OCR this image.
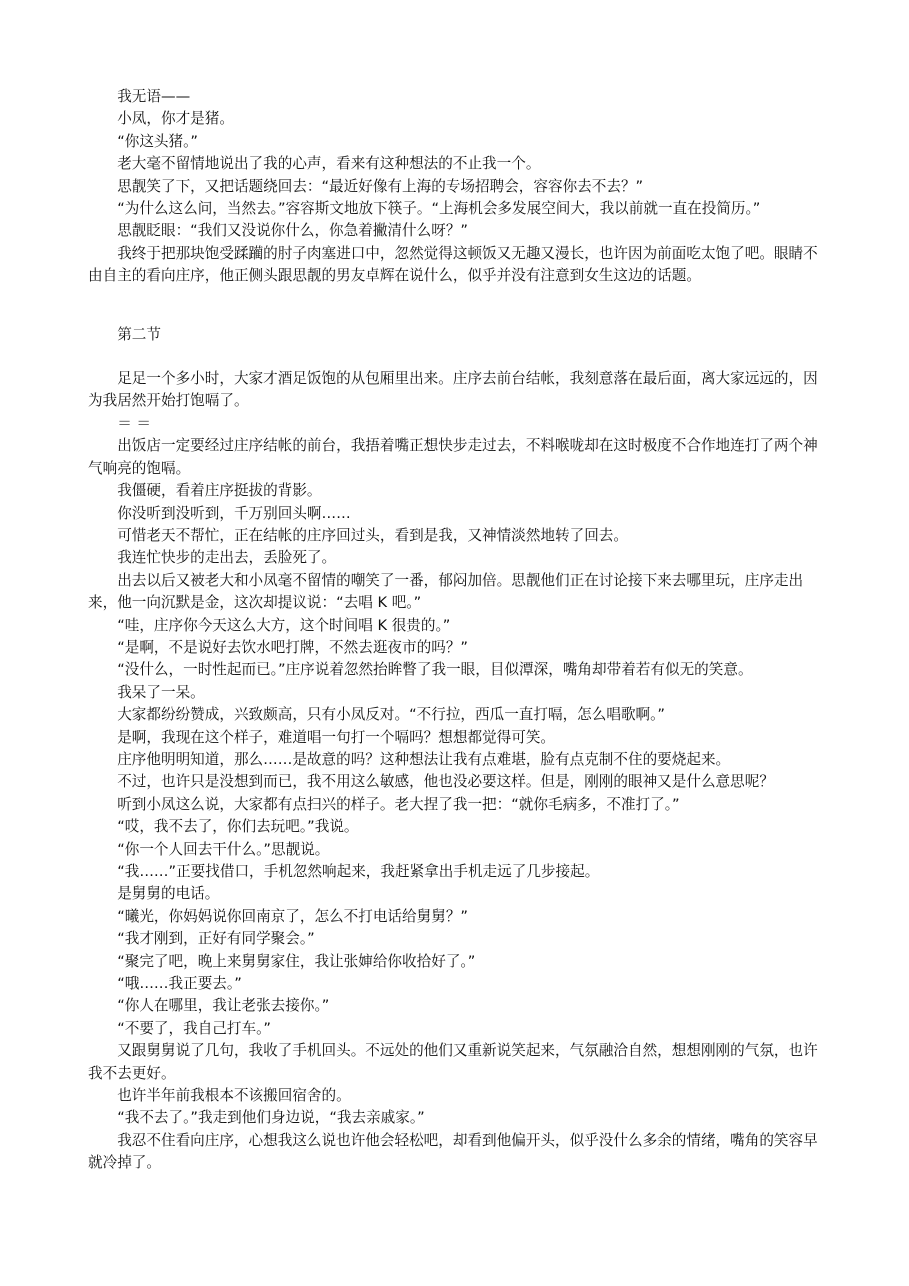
我无语——

小凤，你才是猪。

“你这头猪。”

老大毫不留情地说出了我的心声，看来有这种想法的不止我一个。

思靓笑了下，又把话题绕回去：“最近好像有上海的专场招聘会，容容你去不去？”

“为什么这么问，当然去。”容容斯文地放下筷子。“上海机会多发展空间大，我以前就一直在投简历。”

思靓眨眼：“我们又没说你什么，你急着撇清什么呀？”

我终于把那块饱受蹂躏的肘子肉塞进口中，忽然觉得这顿饭又无趣又漫长，也许因为前面吃太饱了吧。眼睛不由自主的看向庄序，他正侧头跟思靓的男友卓辉在说什么，似乎并没有注意到女生这边的话题。

第二节

足足一个多小时，大家才酒足饭饱的从包厢里出来。庄序去前台结帐，我刻意落在最后面，离大家远远的，因为我居然开始打饱嗝了。

＝ ＝

出饭店一定要经过庄序结帐的前台，我捂着嘴正想快步走过去，不料喉咙却在这时极度不合作地连打了两个神气响亮的饱嗝。

我僵硬，看着庄序挺拔的背影。

你没听到没听到，千万别回头啊……

可惜老天不帮忙，正在结帐的庄序回过头，看到是我，又神情淡然地转了回去。

我连忙快步的走出去，丢脸死了。

出去以后又被老大和小凤毫不留情的嘲笑了一番，郁闷加倍。思靓他们正在讨论接下来去哪里玩，庄序走出来，他一向沉默是金，这次却提议说：“去唱 K 吧。”

“哇，庄序你今天这么大方，这个时间唱 K 很贵的。”

“是啊，不是说好去饮水吧打牌，不然去逛夜市的吗？”

“没什么，一时性起而已。”庄序说着忽然抬眸瞥了我一眼，目似潭深，嘴角却带着若有似无的笑意。

我呆了一呆。

大家都纷纷赞成，兴致颇高，只有小凤反对。“不行拉，西瓜一直打嗝，怎么唱歌啊。”

是啊，我现在这个样子，难道唱一句打一个嗝吗？想想都觉得可笑。

庄序他明明知道，那么……是故意的吗？这种想法让我有点难堪，脸有点克制不住的要烧起来。

不过，也许只是没想到而已，我不用这么敏感，他也没必要这样。但是，刚刚的眼神又是什么意思呢？

听到小凤这么说，大家都有点扫兴的样子。老大捏了我一把：“就你毛病多，不准打了。”

“哎，我不去了，你们去玩吧。”我说。

“你一个人回去干什么。”思靓说。

“我……”正要找借口，手机忽然响起来，我赶紧拿出手机走远了几步接起。

是舅舅的电话。

“曦光，你妈妈说你回南京了，怎么不打电话给舅舅？”

“我才刚到，正好有同学聚会。”

“聚完了吧，晚上来舅舅家住，我让张婶给你收拾好了。”

“哦……我正要去。”

“你人在哪里，我让老张去接你。”

“不要了，我自己打车。”

又跟舅舅说了几句，我收了手机回头。不远处的他们又重新说笑起来，气氛融洽自然，想想刚刚的气氛，也许我不去更好。

也许半年前我根本不该搬回宿舍的。

“我不去了。”我走到他们身边说，“我去亲戚家。”

我忍不住看向庄序，心想我这么说也许他会轻松吧，却看到他偏开头，似乎没什么多余的情绪，嘴角的笑容早就冷掉了。
